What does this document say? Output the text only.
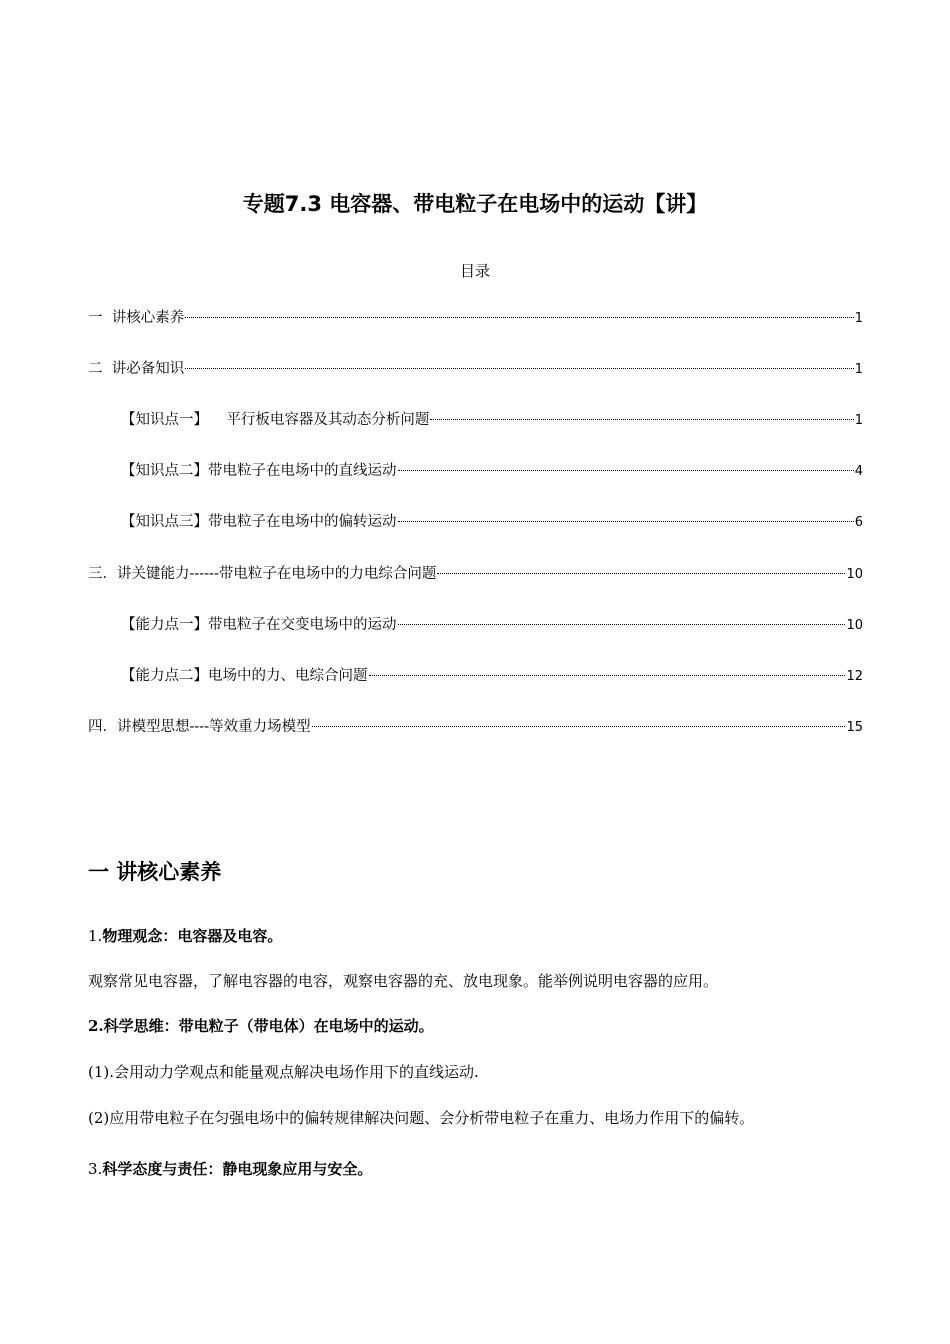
专题7.3 电容器、带电粒子在电场中的运动【讲】
目录
一  讲核心素养	1
二  讲必备知识	1
【知识点一】    平行板电容器及其动态分析问题	1
【知识点二】带电粒子在电场中的直线运动	4
【知识点三】带电粒子在电场中的偏转运动	6
三．讲关键能力------带电粒子在电场中的力电综合问题	10
【能力点一】带电粒子在交变电场中的运动	10
【能力点二】电场中的力、电综合问题	12
四．讲模型思想----等效重力场模型	15
一 讲核心素养
1.物理观念：电容器及电容。
观察常见电容器，了解电容器的电容，观察电容器的充、放电现象。能举例说明电容器的应用。
2.科学思维：带电粒子（带电体）在电场中的运动。
(1).会用动力学观点和能量观点解决电场作用下的直线运动.
(2)应用带电粒子在匀强电场中的偏转规律解决问题、会分析带电粒子在重力、电场力作用下的偏转。
3.科学态度与责任：静电现象应用与安全。
